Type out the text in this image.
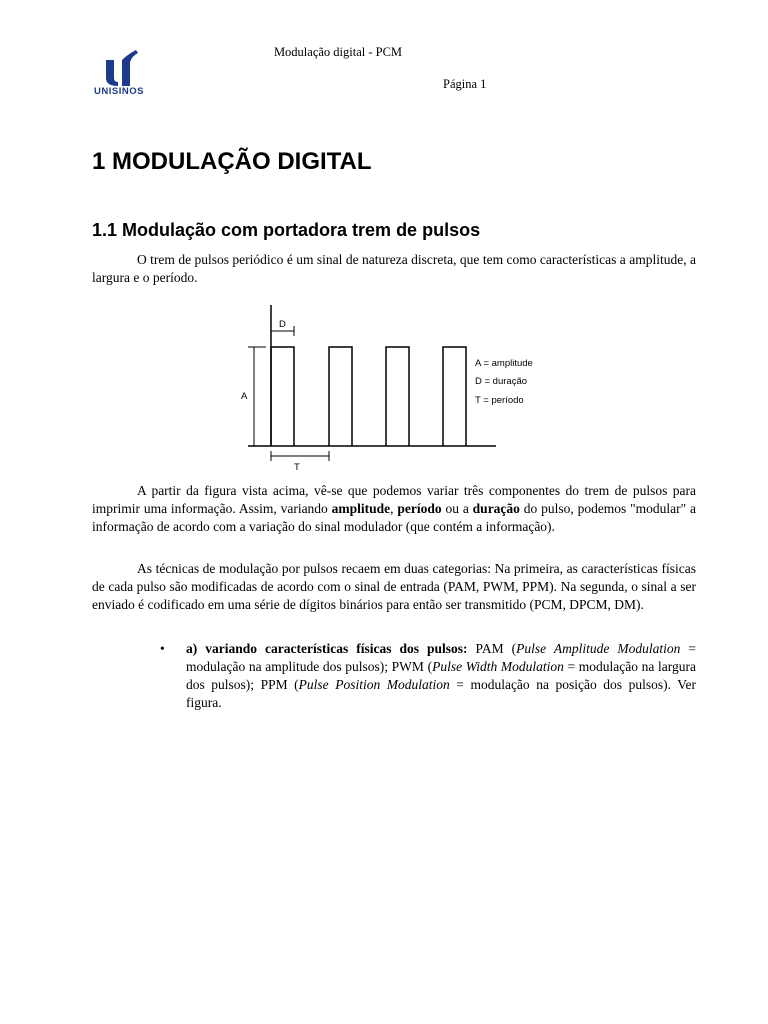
UNISINOS
Modulação digital - PCM
Página 1
1 MODULAÇÃO DIGITAL
1.1 Modulação com portadora trem de pulsos

O trem de pulsos periódico é um sinal de natureza discreta, que tem como características a amplitude, a largura e o período.

D
A
T
A = amplitude
D = duração
T = período

A partir da figura vista acima, vê-se que podemos variar três componentes do trem de pulsos para imprimir uma informação. Assim, variando amplitude, período ou a duração do pulso, podemos "modular" a informação de acordo com a variação do sinal modulador (que contém a informação).

As técnicas de modulação por pulsos recaem em duas categorias: Na primeira, as características físicas de cada pulso são modificadas de acordo com o sinal de entrada (PAM, PWM, PPM). Na segunda, o sinal a ser enviado é codificado em uma série de dígitos binários para então ser transmitido (PCM, DPCM, DM).

• a) variando características físicas dos pulsos: PAM (Pulse Amplitude Modulation = modulação na amplitude dos pulsos); PWM (Pulse Width Modulation = modulação na largura dos pulsos); PPM (Pulse Position Modulation = modulação na posição dos pulsos). Ver figura.
